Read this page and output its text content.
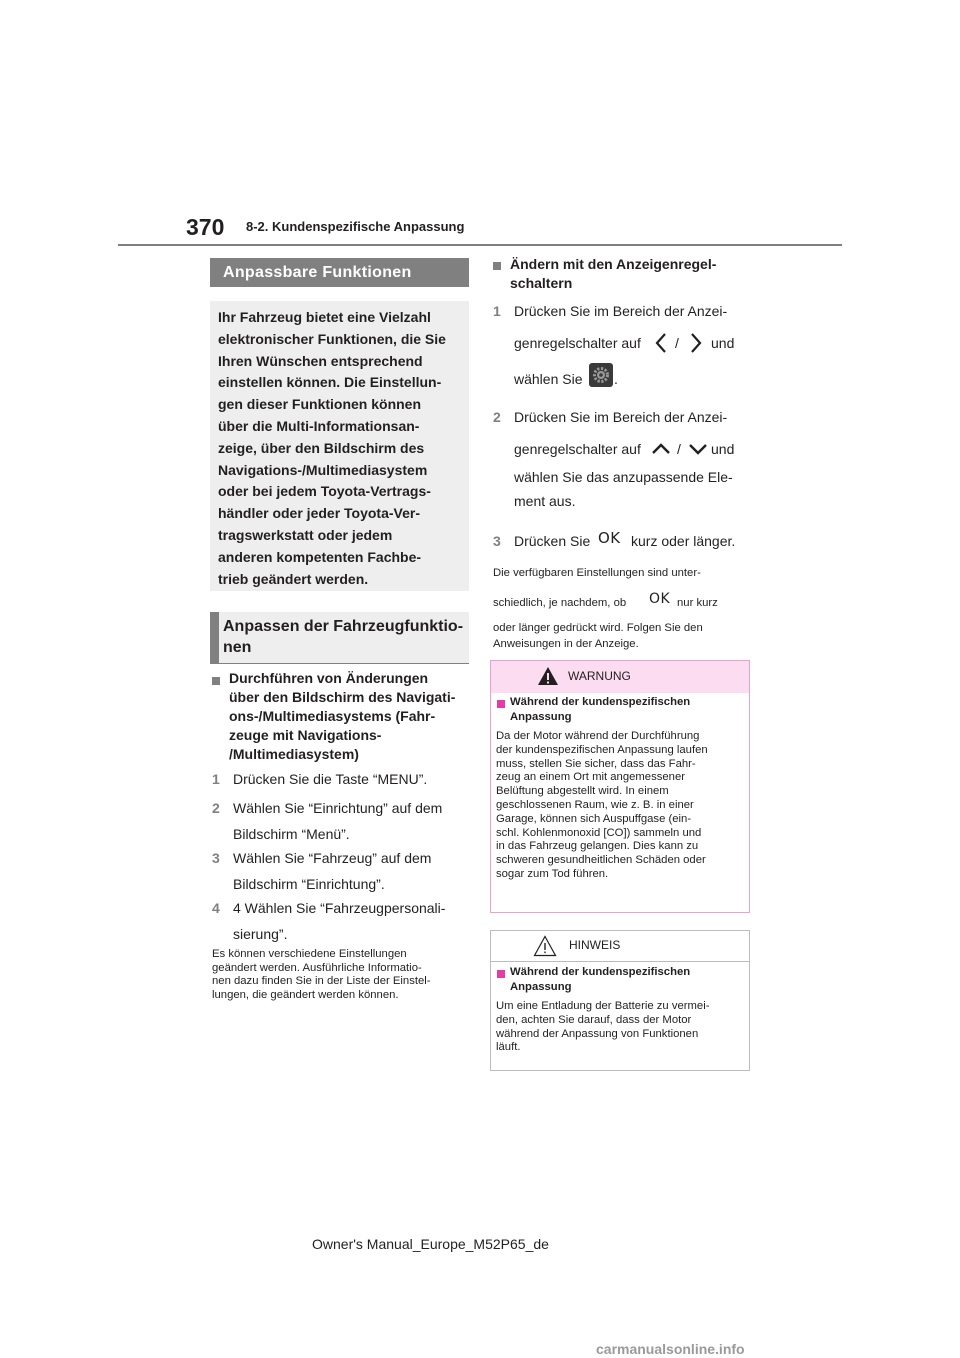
370 8-2. Kundenspezifische Anpassung
Anpassbare Funktionen
Ihr Fahrzeug bietet eine Vielzahl
elektronischer Funktionen, die Sie
Ihren Wünschen entsprechend
einstellen können. Die Einstellun-
gen dieser Funktionen können
über die Multi-Informationsan-
zeige, über den Bildschirm des
Navigations-/Multimediasystem
oder bei jedem Toyota-Vertrags-
händler oder jeder Toyota-Ver-
tragswerkstatt oder jedem
anderen kompetenten Fachbe-
trieb geändert werden.
Anpassen der Fahrzeugfunktio-
nen
Durchführen von Änderungen
über den Bildschirm des Navigati-
ons-/Multimediasystems (Fahr-
zeuge mit Navigations-
/Multimediasystem)
1 Drücken Sie die Taste “MENU”.
2 Wählen Sie “Einrichtung” auf dem
Bildschirm “Menü”.
3 Wählen Sie “Fahrzeug” auf dem
Bildschirm “Einrichtung”.
4 4 Wählen Sie “Fahrzeugpersonali-
sierung”.
Es können verschiedene Einstellungen
geändert werden. Ausführliche Informatio-
nen dazu finden Sie in der Liste der Einstel-
lungen, die geändert werden können.
Ändern mit den Anzeigenregel-
schaltern
1 Drücken Sie im Bereich der Anzei-
genregelschalter auf / und
wählen Sie .
2 Drücken Sie im Bereich der Anzei-
genregelschalter auf	/ und
wählen Sie das anzupassende Ele-
ment aus.
3 Drücken Sie OK kurz oder länger.
Die verfügbaren Einstellungen sind unter-
schiedlich, je nachdem, ob OK nur kurz
oder länger gedrückt wird. Folgen Sie den
Anweisungen in der Anzeige.
WARNUNG
Während der kundenspezifischen
Anpassung
Da der Motor während der Durchführung
der kundenspezifischen Anpassung laufen
muss, stellen Sie sicher, dass das Fahr-
zeug an einem Ort mit angemessener
Belüftung abgestellt wird. In einem
geschlossenen Raum, wie z. B. in einer
Garage, können sich Auspuffgase (ein-
schl. Kohlenmonoxid [CO]) sammeln und
in das Fahrzeug gelangen. Dies kann zu
schweren gesundheitlichen Schäden oder
sogar zum Tod führen.
HINWEIS
Während der kundenspezifischen
Anpassung
Um eine Entladung der Batterie zu vermei-
den, achten Sie darauf, dass der Motor
während der Anpassung von Funktionen
läuft.
Owner's Manual_Europe_M52P65_de
carmanualsonline.info
